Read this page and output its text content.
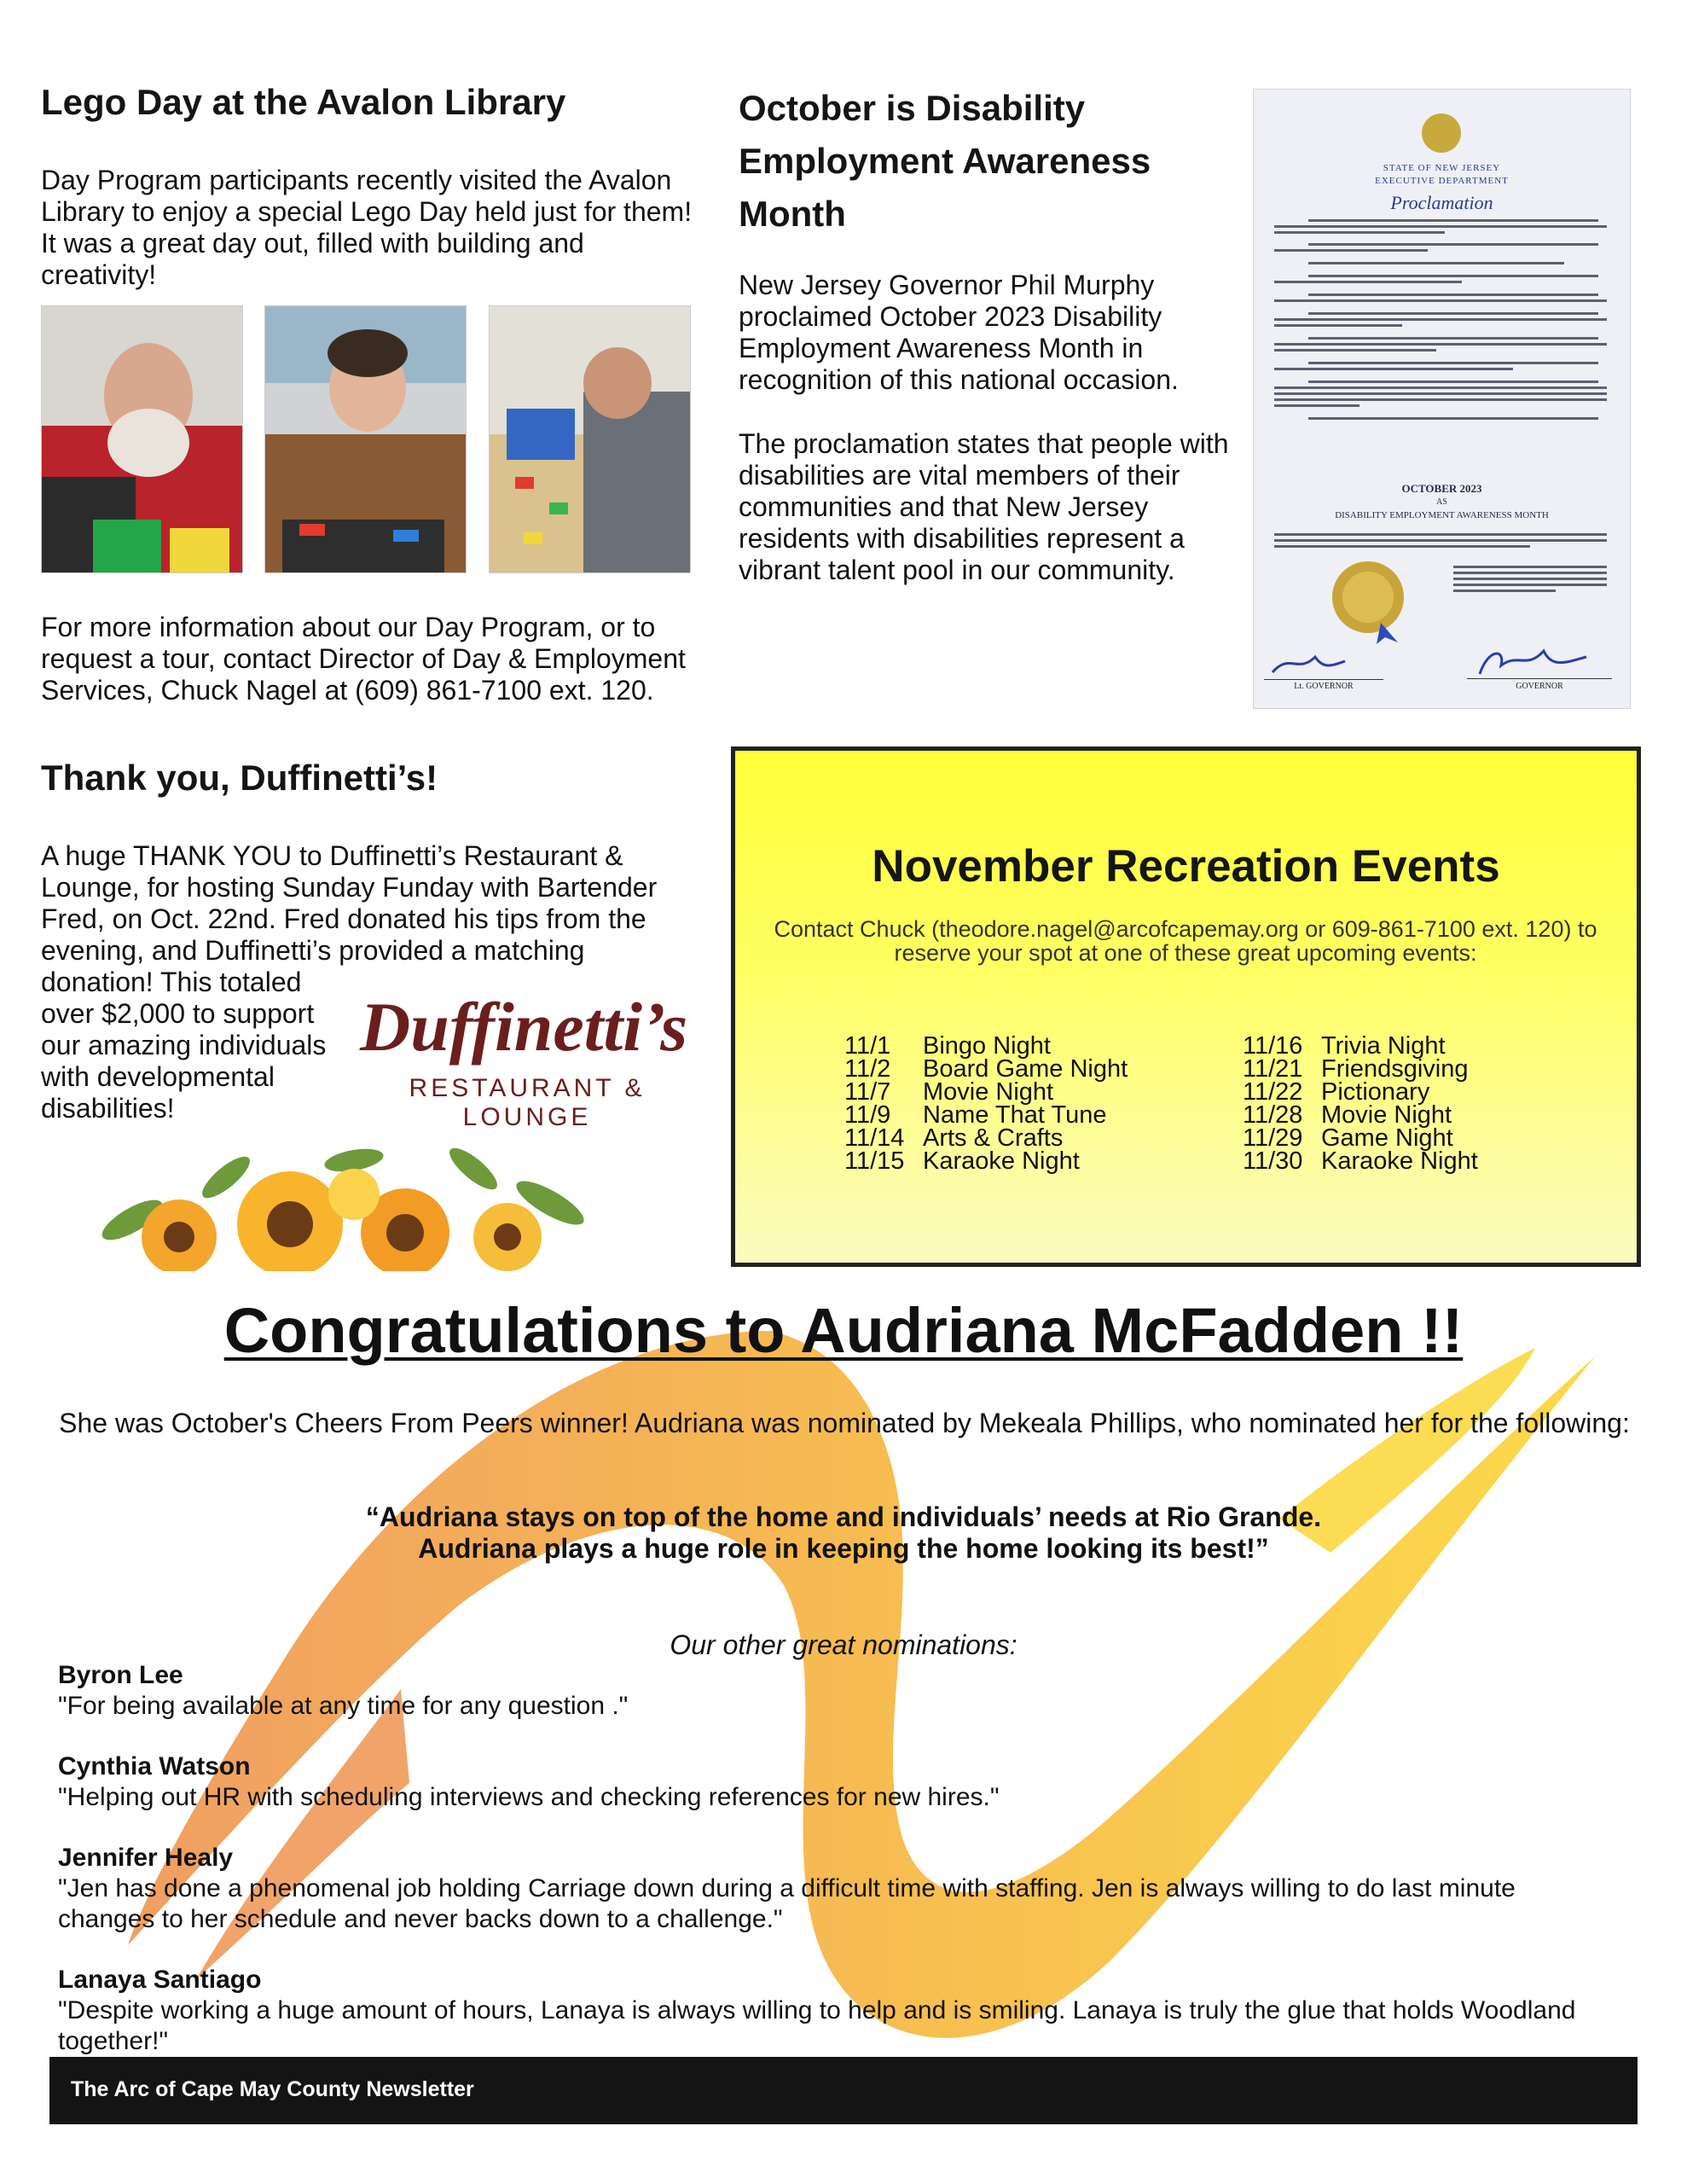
Lego Day at the Avalon Library

Day Program participants recently visited the Avalon Library to enjoy a special Lego Day held just for them! It was a great day out, filled with building and creativity!

For more information about our Day Program, or to request a tour, contact Director of Day & Employment Services, Chuck Nagel at (609) 861-7100 ext. 120.

October is Disability Employment Awareness Month

New Jersey Governor Phil Murphy proclaimed October 2023 Disability Employment Awareness Month in recognition of this national occasion.

The proclamation states that people with disabilities are vital members of their communities and that New Jersey residents with disabilities represent a vibrant talent pool in our community.

STATE OF NEW JERSEY
EXECUTIVE DEPARTMENT
Proclamation
OCTOBER 2023
AS
DISABILITY EMPLOYMENT AWARENESS MONTH
Lt. GOVERNOR	GOVERNOR
Thank you, Duffinetti’s!

A huge THANK YOU to Duffinetti’s Restaurant & Lounge, for hosting Sunday Funday with Bartender Fred, on Oct. 22nd. Fred donated his tips from the evening, and Duffinetti’s provided a matching

donation! This totaled over $2,000 to support our amazing individuals with developmental disabilities!

Duffinetti’s
RESTAURANT & LOUNGE
November Recreation Events

Contact Chuck (theodore.nagel@arcofcapemay.org or 609-861-7100 ext. 120) to reserve your spot at one of these great upcoming events:

11/1	Bingo Night
11/2	Board Game Night
11/7	Movie Night
11/9	Name That Tune
11/14 Arts & Crafts
11/15 Karaoke Night
11/16 Trivia Night
11/21 Friendsgiving
11/22 Pictionary
11/28 Movie Night
11/29 Game Night
11/30 Karaoke Night
Congratulations to Audriana McFadden !!

She was October's Cheers From Peers winner! Audriana was nominated by Mekeala Phillips, who nominated her for the following:

“Audriana stays on top of the home and individuals’ needs at Rio Grande.

Audriana plays a huge role in keeping the home looking its best!”

Our other great nominations:

Byron Lee

"For being available at any time for any question ."

Cynthia Watson

"Helping out HR with scheduling interviews and checking references for new hires."

Jennifer Healy

"Jen has done a phenomenal job holding Carriage down during a difficult time with staffing. Jen is always willing to do last minute changes to her schedule and never backs down to a challenge."

Lanaya Santiago

"Despite working a huge amount of hours, Lanaya is always willing to help and is smiling. Lanaya is truly the glue that holds Woodland together!"

The Arc of Cape May County Newsletter
